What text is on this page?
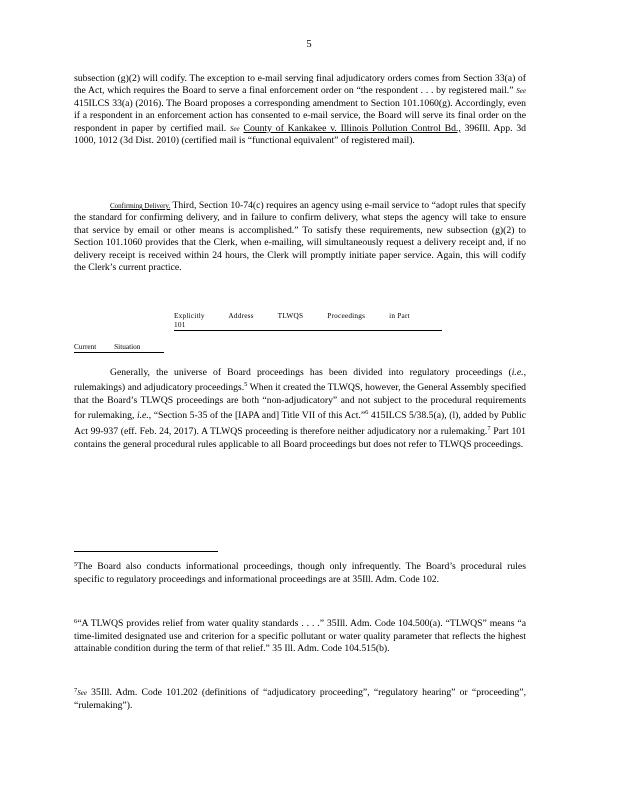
5

subsection (g)(2) will codify. The exception to e-mail serving final adjudicatory orders comes from Section 33(a) of the Act, which requires the Board to serve a final enforcement order on “the respondent . . . by registered mail.” See 415ILCS 33(a) (2016). The Board proposes a corresponding amendment to Section 101.1060(g). Accordingly, even if a respondent in an enforcement action has consented to e-mail service, the Board will serve its final order on the respondent in paper by certified mail. See County of Kankakee v. Illinois Pollution Control Bd., 396Ill. App. 3d 1000, 1012 (3d Dist. 2010) (certified mail is “functional equivalent” of registered mail).

Confirming Delivery. Third, Section 10-74(c) requires an agency using e-mail service to “adopt rules that specify the standard for confirming delivery, and in failure to confirm delivery, what steps the agency will take to ensure that service by email or other means is accomplished.” To satisfy these requirements, new subsection (g)(2) to Section 101.1060 provides that the Clerk, when e-mailing, will simultaneously request a delivery receipt and, if no delivery receipt is received within 24 hours, the Clerk will promptly initiate paper service. Again, this will codify the Clerk’s current practice.

Explicitly	Address	TLWQS	Proceedings	in Part 101
Current Situation

Generally, the universe of Board proceedings has been divided into regulatory proceedings (i.e., rulemakings) and adjudicatory proceedings.$^5$ When it created the TLWQS, however, the General Assembly specified that the Board’s TLWQS proceedings are both “non-adjudicatory” and not subject to the procedural requirements for rulemaking, i.e., “Section 5-35 of the [IAPA and] Title VII of this Act.”$^6$ 415ILCS 5/38.5(a), (l), added by Public Act 99-937 (eff. Feb. 24, 2017). A TLWQS proceeding is therefore neither adjudicatory nor a rulemaking.$^7$ Part 101 contains the general procedural rules applicable to all Board proceedings but does not refer to TLWQS proceedings.

$^5$The Board also conducts informational proceedings, though only infrequently. The Board’s procedural rules specific to regulatory proceedings and informational proceedings are at 35Ill. Adm. Code 102.
$^6$“A TLWQS provides relief from water quality standards . . . .” 35Ill. Adm. Code 104.500(a). “TLWQS” means “a time-limited designated use and criterion for a specific pollutant or water quality parameter that reflects the highest attainable condition during the term of that relief.” 35 Ill. Adm. Code 104.515(b).
$^7$See 35Ill. Adm. Code 101.202 (definitions of “adjudicatory proceeding”, “regulatory hearing” or “proceeding”, “rulemaking”).
